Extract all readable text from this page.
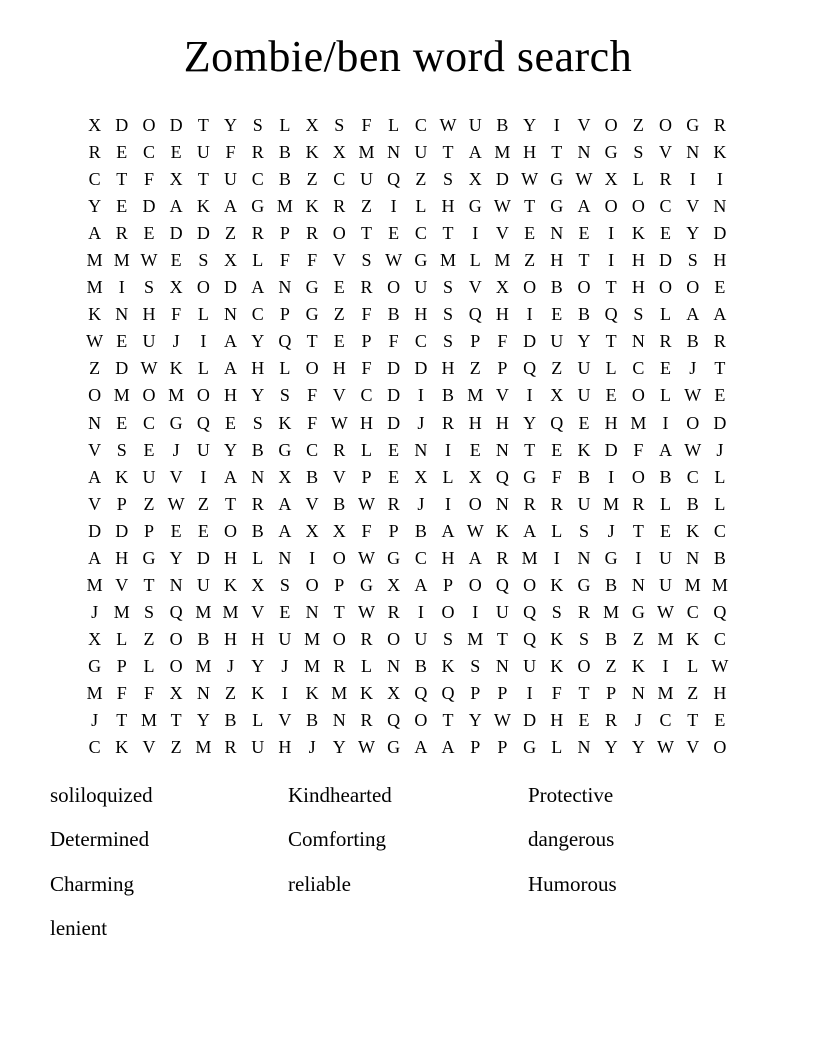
Zombie/ben word search
X D O D T Y S L X S F L C W U B Y I V O Z O G R
R E C E U F R B K X M N U T A M H T N G S V N K
C T F X T U C B Z C U Q Z S X D W G W X L R	I	I
Y E D A K A G M K R Z	I	L H G W T G A O O C V N
A R E D D Z R P R O T E C T	I V E N E	I K E Y D
M M W E S X L F F V S W G M L M Z H T	I H D S H
M I	S X O D A N G E R O U S V X O B O T H O O E
K N H F L N C P G Z F B H S Q H I	E B Q S L A A
W E U J	I A Y Q T E P F C S P F D U Y T N R B R
Z D W K L A H L O H F D D H Z P Q Z U L C E	J	T
O M O M O H Y S F V C D I	B M V I X U E O L W E
N E C G Q E S K F W H D J R H H Y Q E H M I O D
V S E	J U Y B G C R L E N I	E N T E K D F A W J
A K U V I A N X B V P E X L X Q G F B	I O B C L
V P Z W Z T R A V B W R J	I O N R R U M R L B L
D D P E E O B A X X F P B A W K A L S	J	T E K C
A H G Y D H L N I O W G C H A R M I N G I U N B
M V T N U K X S O P G X A P O Q O K G B N U M M
J M S Q M M V E N T W R	I O I U Q S R M G W C Q
X L Z O B H H U M O R O U S M T Q K S B Z M K C
G P L O M J Y J M R L N B K S N U K O Z K I	L W
M F F X N Z K I K M K X Q Q P P	I	F T P N M Z H
J	T M T Y B L V B N R Q O T Y W D H E R J C T E
C K V Z M R U H J Y W G A A P P G L N Y Y W V O
soliloquized	Kindhearted	Protective
Determined	Comforting	dangerous
Charming	reliable	Humorous
lenient
